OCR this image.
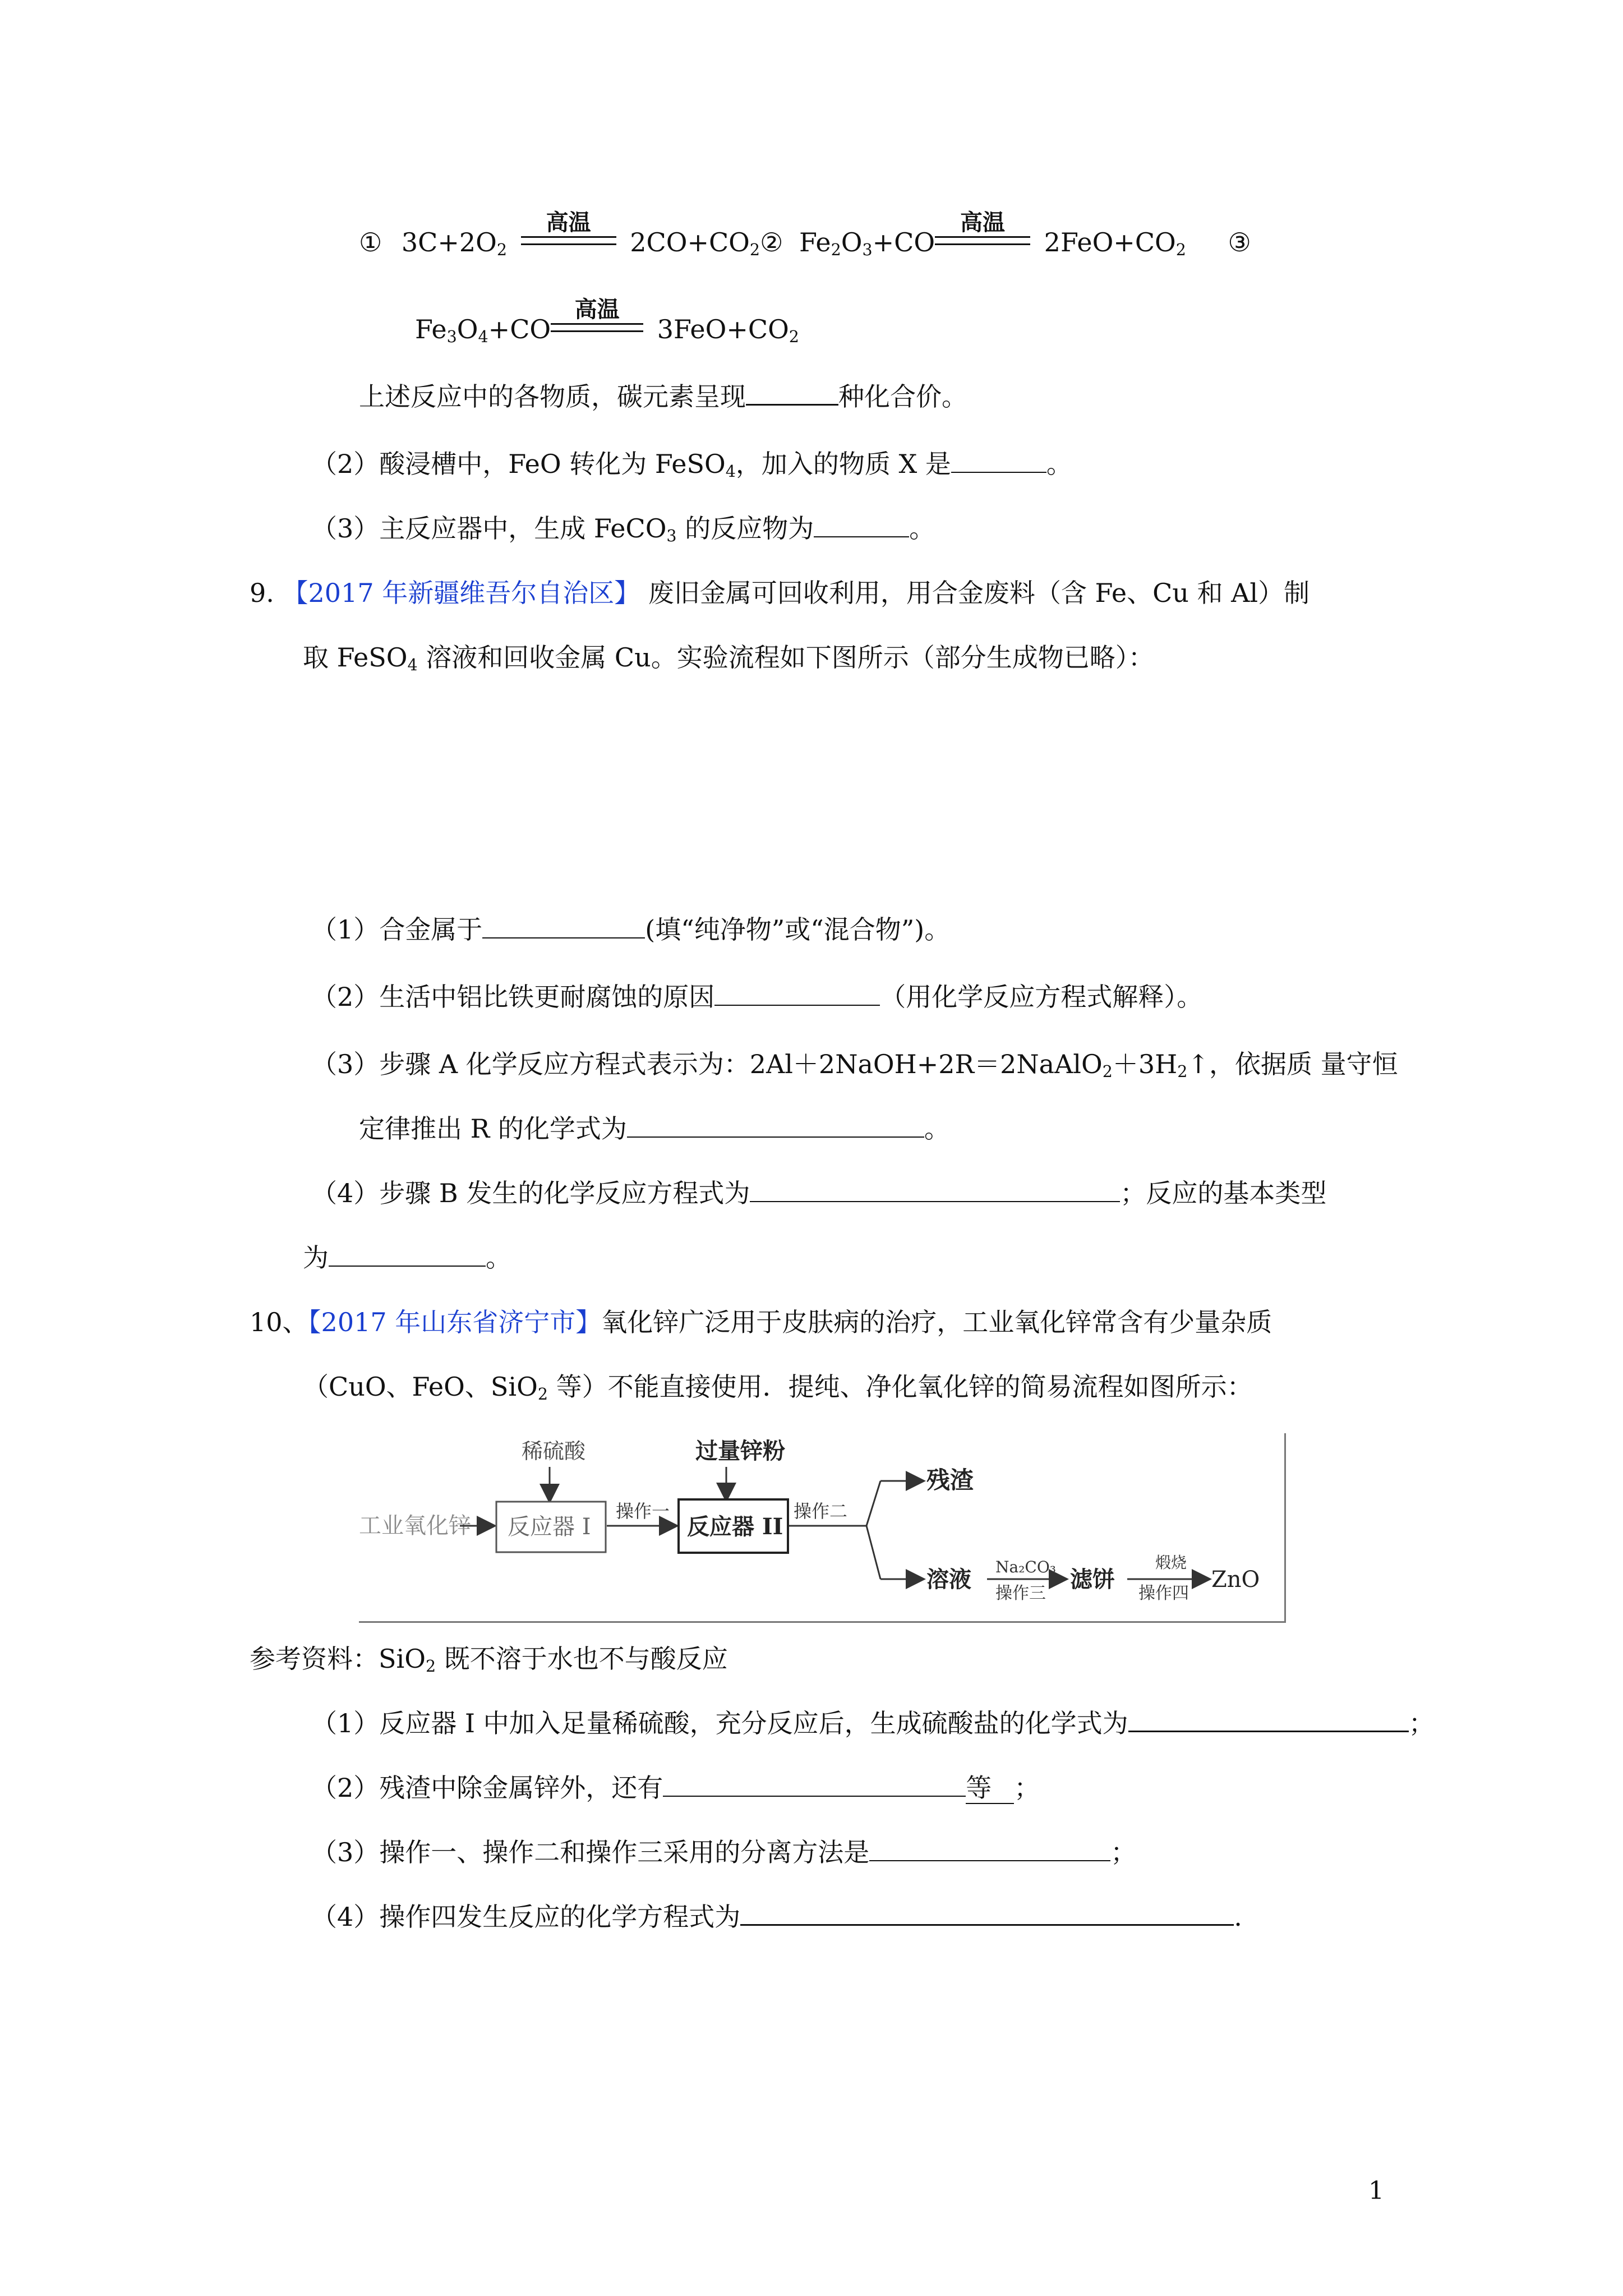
① $3C+2O_2$
高温
$2CO+CO_2②$ $Fe_2O_3+CO$
高温
$2FeO+CO_2$ ③
$Fe_3O_4+CO$
高温
$3FeO+CO_2$
上述反应中的各物质，碳元素呈现	种化合价。
（2）酸浸槽中，FeO 转化为 FeSO$_4$，加入的物质 X 是	。
（3）主反应器中，生成 FeCO$_3$ 的反应物为	。
9. 【2017 年新疆维吾尔自治区】 废旧金属可回收利用，用合金废料（含 Fe、Cu 和 Al）制
取 FeSO$_4$ 溶液和回收金属 Cu。实验流程如下图所示（部分生成物已略）：
（1）合金属于	(填“纯净物”或“混合物”)。
（2）生活中铝比铁更耐腐蚀的原因	（用化学反应方程式解释）。
（3）步骤 A 化学反应方程式表示为：$2Al+2NaOH+2R=2NaAlO_2+3H_2↑$，依据质 量守恒
定律推出 R 的化学式为	。
（4）步骤 B 发生的化学反应方程式为	；反应的基本类型
为	。
10、【2017 年山东省济宁市】氧化锌广泛用于皮肤病的治疗，工业氧化锌常含有少量杂质
（CuO、FeO、SiO$_2$ 等）不能直接使用．提纯、净化氧化锌的简易流程如图所示：
工业氧化锌
稀硫酸
反应器 I
操作一
过量锌粉
反应器 II
操作二
残渣
溶液 Na₂CO₃
操作三
滤饼
煅烧
操作四
ZnO
参考资料：SiO$_2$ 既不溶于水也不与酸反应
（1）反应器 I 中加入足量稀硫酸，充分反应后，生成硫酸盐的化学式为	；
（2）残渣中除金属锌外，还有	等 ；
（3）操作一、操作二和操作三采用的分离方法是	；
（4）操作四发生反应的化学方程式为	.
1
